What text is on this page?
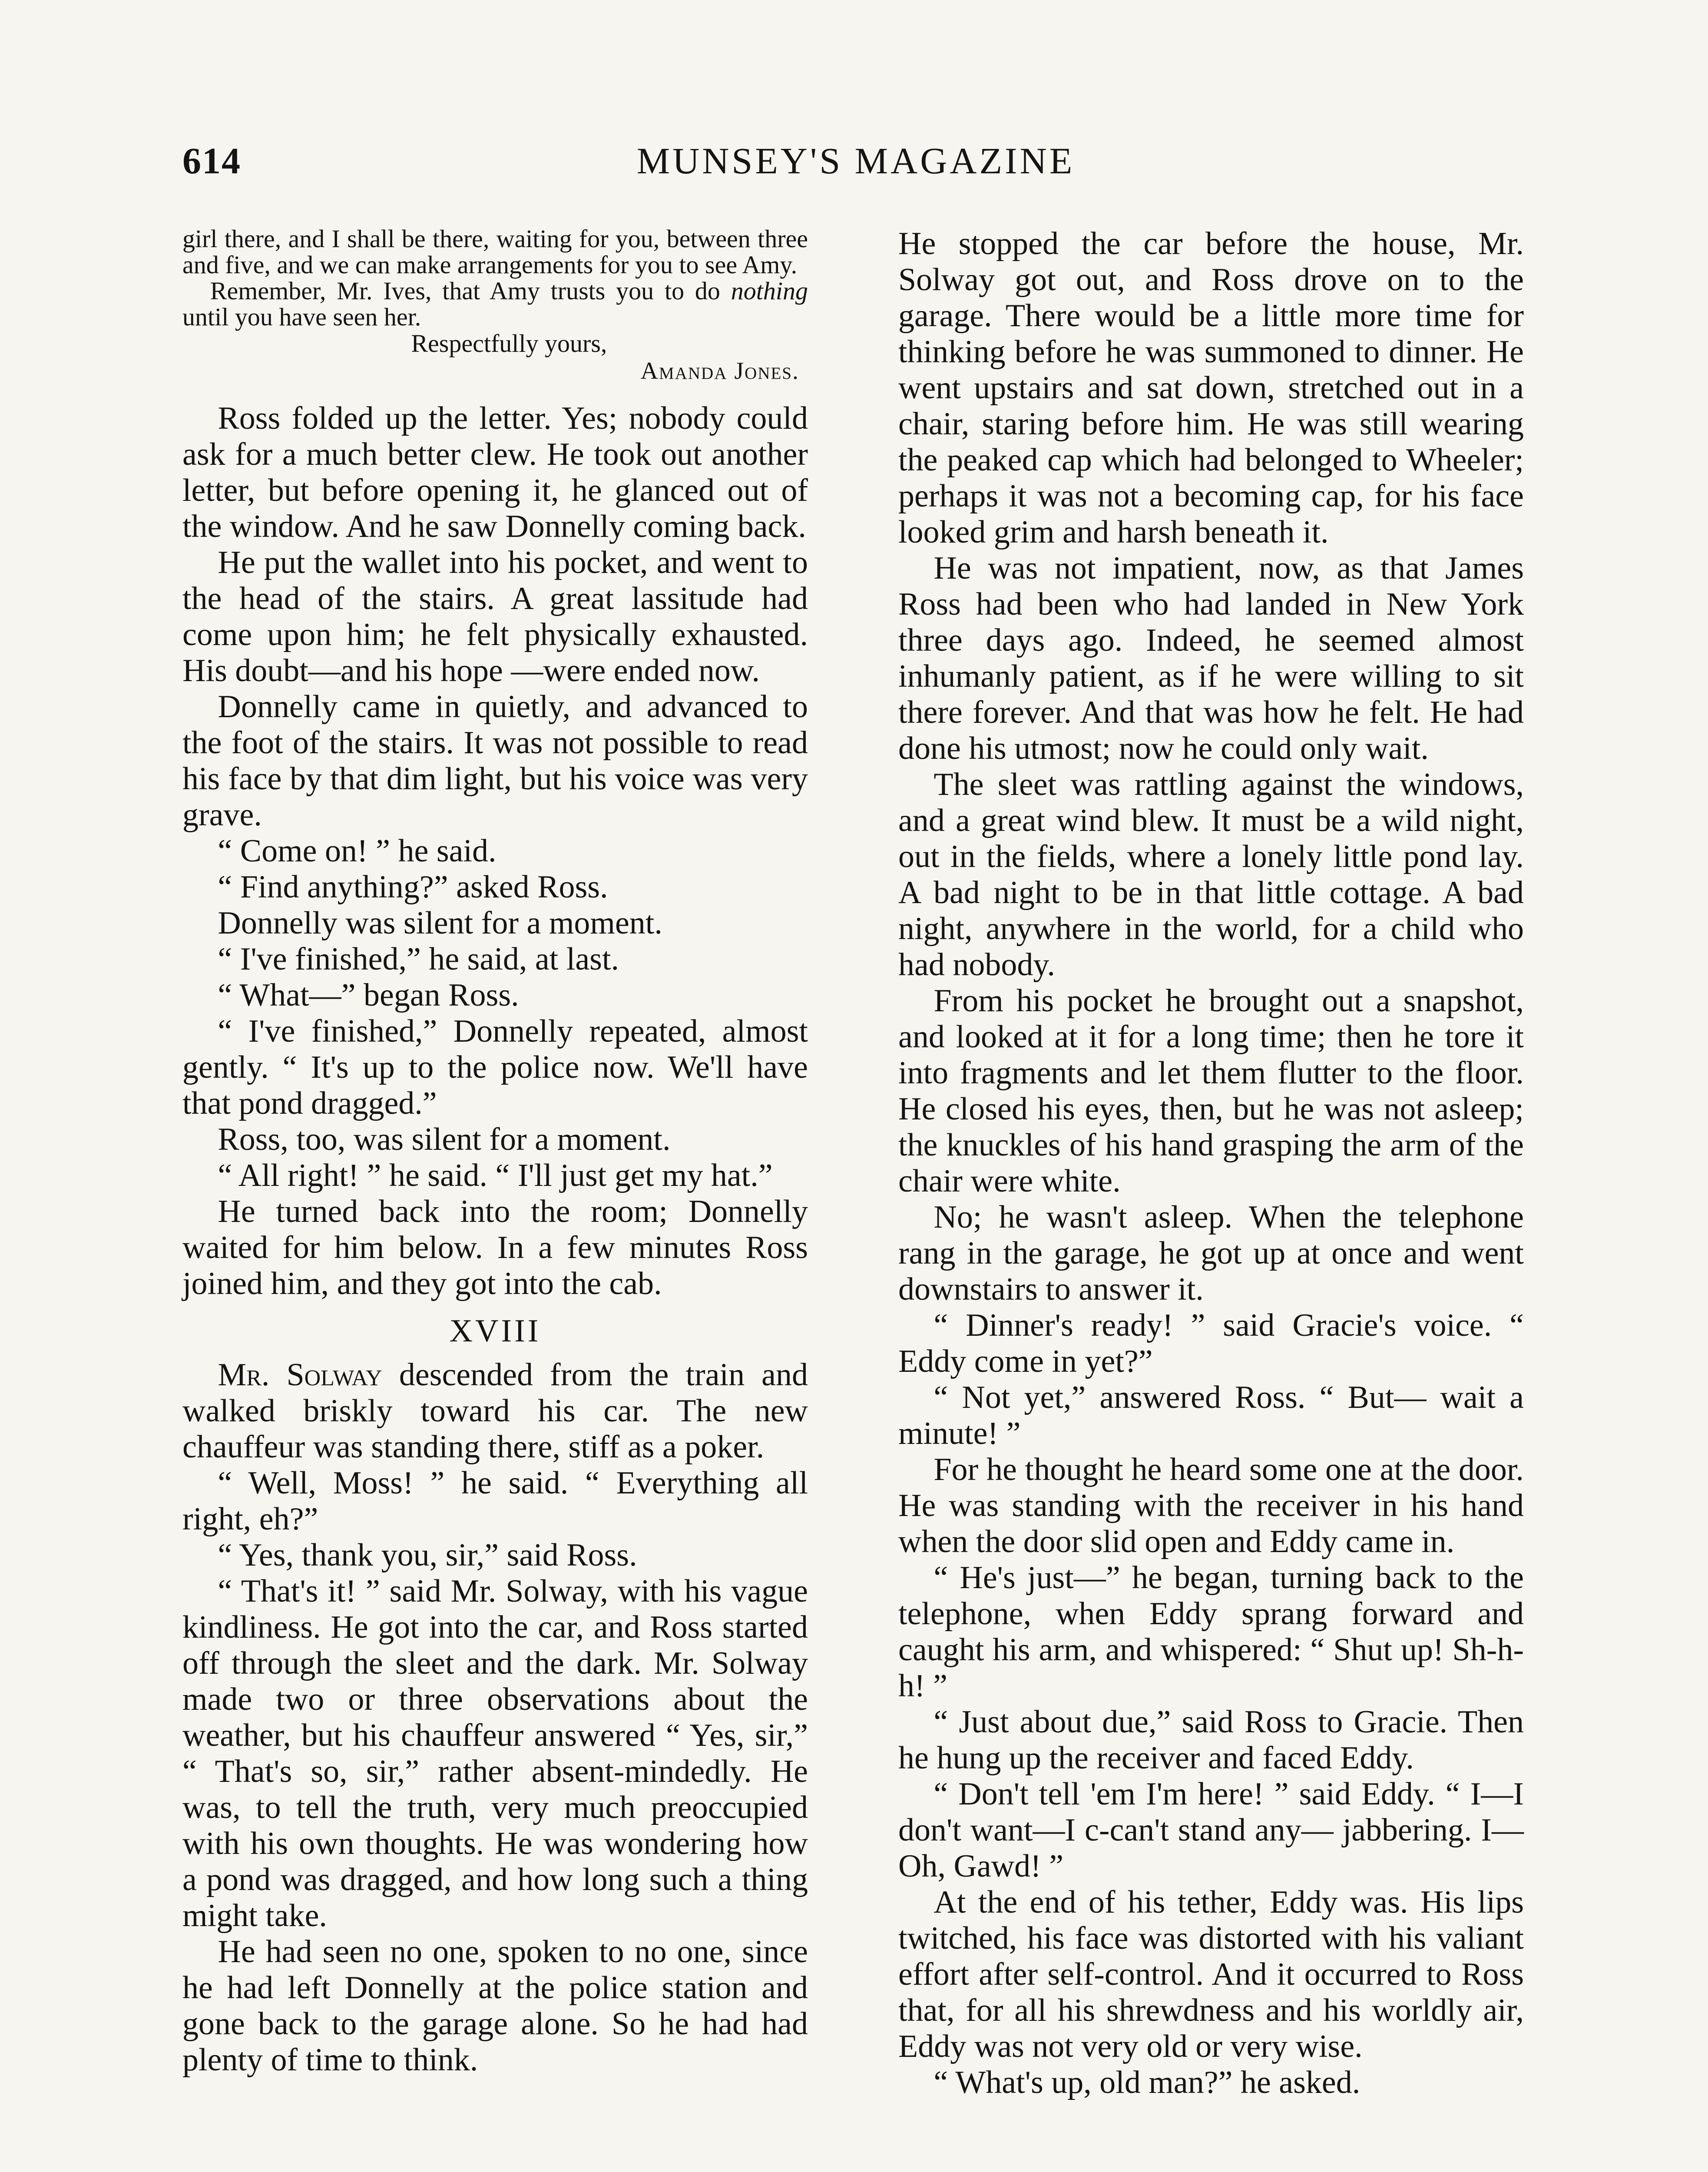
614	MUNSEY'S MAGAZINE

girl there, and I shall be there, waiting for you, between three and five, and we can make arrangements for you to see Amy.

Remember, Mr. Ives, that Amy trusts you to do nothing until you have seen her.

Respectfully yours,

Amanda Jones.

Ross folded up the letter. Yes; nobody could ask for a much better clew. He took out another letter, but before opening it, he glanced out of the window. And he saw Donnelly coming back.

He put the wallet into his pocket, and went to the head of the stairs. A great lassitude had come upon him; he felt physically exhausted. His doubt—and his hope —were ended now.

Donnelly came in quietly, and advanced to the foot of the stairs. It was not possible to read his face by that dim light, but his voice was very grave.

“ Come on! ” he said.

“ Find anything?” asked Ross.

Donnelly was silent for a moment.

“ I've finished,” he said, at last.

“ What—” began Ross.

“ I've finished,” Donnelly repeated, almost gently. “ It's up to the police now. We'll have that pond dragged.”

Ross, too, was silent for a moment.

“ All right! ” he said. “ I'll just get my hat.”

He turned back into the room; Donnelly waited for him below. In a few minutes Ross joined him, and they got into the cab.

XVIII

Mr. Solway descended from the train and walked briskly toward his car. The new chauffeur was standing there, stiff as a poker.

“ Well, Moss! ” he said. “ Everything all right, eh?”

“ Yes, thank you, sir,” said Ross.

“ That's it! ” said Mr. Solway, with his vague kindliness. He got into the car, and Ross started off through the sleet and the dark. Mr. Solway made two or three observations about the weather, but his chauffeur answered “ Yes, sir,” “ That's so, sir,” rather absent-mindedly. He was, to tell the truth, very much preoccupied with his own thoughts. He was wondering how a pond was dragged, and how long such a thing might take.

He had seen no one, spoken to no one, since he had left Donnelly at the police station and gone back to the garage alone. So he had had plenty of time to think.

He stopped the car before the house, Mr. Solway got out, and Ross drove on to the garage. There would be a little more time for thinking before he was summoned to dinner. He went upstairs and sat down, stretched out in a chair, staring before him. He was still wearing the peaked cap which had belonged to Wheeler; perhaps it was not a becoming cap, for his face looked grim and harsh beneath it.

He was not impatient, now, as that James Ross had been who had landed in New York three days ago. Indeed, he seemed almost inhumanly patient, as if he were willing to sit there forever. And that was how he felt. He had done his utmost; now he could only wait.

The sleet was rattling against the windows, and a great wind blew. It must be a wild night, out in the fields, where a lonely little pond lay. A bad night to be in that little cottage. A bad night, anywhere in the world, for a child who had nobody.

From his pocket he brought out a snapshot, and looked at it for a long time; then he tore it into fragments and let them flutter to the floor. He closed his eyes, then, but he was not asleep; the knuckles of his hand grasping the arm of the chair were white.

No; he wasn't asleep. When the telephone rang in the garage, he got up at once and went downstairs to answer it.

“ Dinner's ready! ” said Gracie's voice. “ Eddy come in yet?”

“ Not yet,” answered Ross. “ But— wait a minute! ”

For he thought he heard some one at the door. He was standing with the receiver in his hand when the door slid open and Eddy came in.

“ He's just—” he began, turning back to the telephone, when Eddy sprang forward and caught his arm, and whispered: “ Shut up! Sh-h-h! ”

“ Just about due,” said Ross to Gracie. Then he hung up the receiver and faced Eddy.

“ Don't tell 'em I'm here! ” said Eddy. “ I—I don't want—I c-can't stand any— jabbering. I— Oh, Gawd! ”

At the end of his tether, Eddy was. His lips twitched, his face was distorted with his valiant effort after self-control. And it occurred to Ross that, for all his shrewdness and his worldly air, Eddy was not very old or very wise.

“ What's up, old man?” he asked.
